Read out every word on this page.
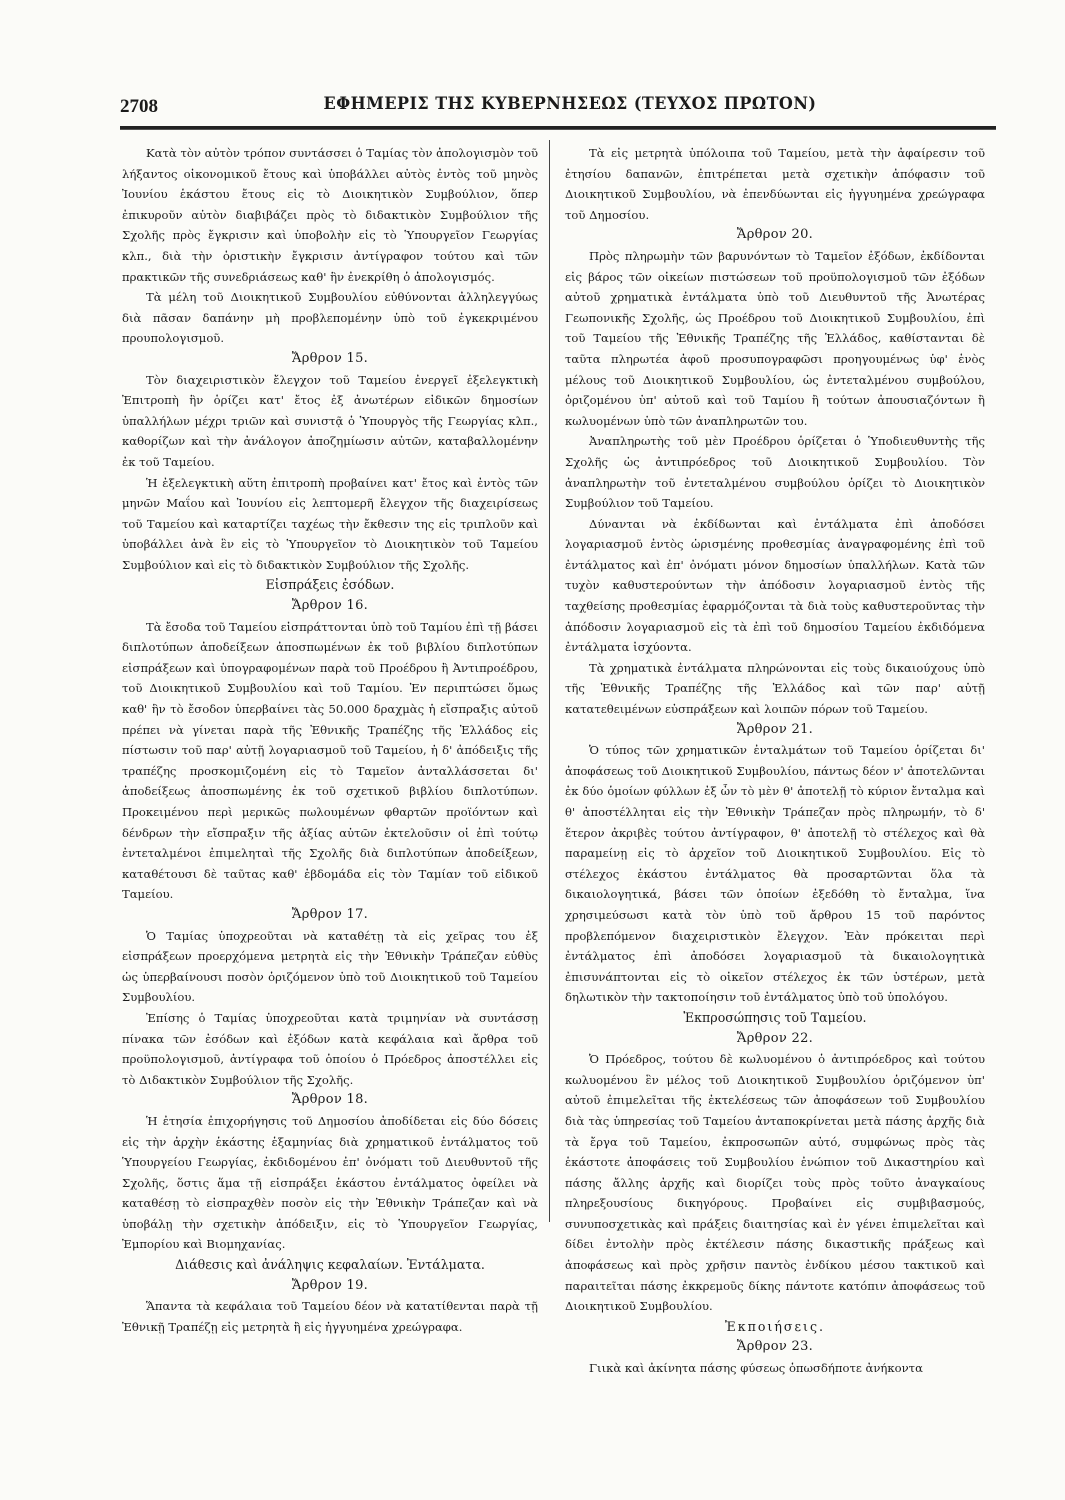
2708	ΕΦΗΜΕΡΙΣ ΤΗΣ ΚΥΒΕΡΝΗΣΕΩΣ (ΤΕΥΧΟΣ ΠΡΩΤΟΝ)

Κατὰ τὸν αὐτὸν τρόπον συντάσσει ὁ Ταμίας τὸν ἀπολογισμὸν τοῦ λήξαντος οἰκονομικοῦ ἔτους καὶ ὑποβάλλει αὐτὸς ἐντὸς τοῦ μηνὸς Ἰουνίου ἑκάστου ἔτους εἰς τὸ Διοικητικὸν Συμβούλιον, ὅπερ ἐπικυροῦν αὐτὸν διαβιβάζει πρὸς τὸ διδακτικὸν Συμβούλιον τῆς Σχολῆς πρὸς ἔγκρισιν καὶ ὑποβολὴν εἰς τὸ Ὑπουργεῖον Γεωργίας κλπ., διὰ τὴν ὁριστικὴν ἔγκρισιν ἀντίγραφον τούτου καὶ τῶν πρακτικῶν τῆς συνεδριάσεως καθ' ἣν ἐνεκρίθη ὁ ἀπολογισμός.

Τὰ μέλη τοῦ Διοικητικοῦ Συμβουλίου εὐθύνονται ἀλληλεγγύως διὰ πᾶσαν δαπάνην μὴ προβλεπομένην ὑπὸ τοῦ ἐγκεκριμένου προυπολογισμοῦ.

Ἄρθρον 15.

Τὸν διαχειριστικὸν ἔλεγχον τοῦ Ταμείου ἐνεργεῖ ἐξελεγκτικὴ Ἐπιτροπὴ ἣν ὁρίζει κατ' ἔτος ἐξ ἀνωτέρων εἰδικῶν δημοσίων ὑπαλλήλων μέχρι τριῶν καὶ συνιστᾷ ὁ Ὑπουργὸς τῆς Γεωργίας κλπ., καθορίζων καὶ τὴν ἀνάλογον ἀποζημίωσιν αὐτῶν, καταβαλλομένην ἐκ τοῦ Ταμείου.

Ἡ ἐξελεγκτικὴ αὕτη ἐπιτροπὴ προβαίνει κατ' ἔτος καὶ ἐντὸς τῶν μηνῶν Μαΐου καὶ Ἰουνίου εἰς λεπτομερῆ ἔλεγχον τῆς διαχειρίσεως τοῦ Ταμείου καὶ καταρτίζει ταχέως τὴν ἔκθεσιν της εἰς τριπλοῦν καὶ ὑποβάλλει ἀνὰ ἓν εἰς τὸ Ὑπουργεῖον τὸ Διοικητικὸν τοῦ Ταμείου Συμβούλιον καὶ εἰς τὸ διδακτικὸν Συμβούλιον τῆς Σχολῆς.

Εἰσπράξεις ἐσόδων.

Ἄρθρον 16.

Τὰ ἔσοδα τοῦ Ταμείου εἰσπράττονται ὑπὸ τοῦ Ταμίου ἐπὶ τῇ βάσει διπλοτύπων ἀποδείξεων ἀποσπωμένων ἐκ τοῦ βιβλίου διπλοτύπων εἰσπράξεων καὶ ὑπογραφομένων παρὰ τοῦ Προέδρου ἢ Ἀντιπροέδρου, τοῦ Διοικητικοῦ Συμβουλίου καὶ τοῦ Ταμίου. Ἐν περιπτώσει ὅμως καθ' ἣν τὸ ἔσοδον ὑπερβαίνει τὰς 50.000 δραχμὰς ἡ εἴσπραξις αὐτοῦ πρέπει νὰ γίνεται παρὰ τῆς Ἐθνικῆς Τραπέζης τῆς Ἑλλάδος εἰς πίστωσιν τοῦ παρ' αὐτῇ λογαριασμοῦ τοῦ Ταμείου, ἡ δ' ἀπόδειξις τῆς τραπέζης προσκομιζομένη εἰς τὸ Ταμεῖον ἀνταλλάσσεται δι' ἀποδείξεως ἀποσπωμένης ἐκ τοῦ σχετικοῦ βιβλίου διπλοτύπων. Προκειμένου περὶ μερικῶς πωλουμένων φθαρτῶν προϊόντων καὶ δένδρων τὴν εἴσπραξιν τῆς ἀξίας αὐτῶν ἐκτελοῦσιν οἱ ἐπὶ τούτῳ ἐντεταλμένοι ἐπιμεληταὶ τῆς Σχολῆς διὰ διπλοτύπων ἀποδείξεων, καταθέτουσι δὲ ταῦτας καθ' ἑβδομάδα εἰς τὸν Ταμίαν τοῦ εἰδικοῦ Ταμείου.

Ἄρθρον 17.

Ὁ Ταμίας ὑποχρεοῦται νὰ καταθέτῃ τὰ εἰς χεῖρας του ἐξ εἰσπράξεων προερχόμενα μετρητὰ εἰς τὴν Ἐθνικὴν Τράπεζαν εὐθὺς ὡς ὑπερβαίνουσι ποσὸν ὁριζόμενον ὑπὸ τοῦ Διοικητικοῦ τοῦ Ταμείου Συμβουλίου.

Ἐπίσης ὁ Ταμίας ὑποχρεοῦται κατὰ τριμηνίαν νὰ συντάσσῃ πίνακα τῶν ἐσόδων καὶ ἐξόδων κατὰ κεφάλαια καὶ ἄρθρα τοῦ προϋπολογισμοῦ, ἀντίγραφα τοῦ ὁποίου ὁ Πρόεδρος ἀποστέλλει εἰς τὸ Διδακτικὸν Συμβούλιον τῆς Σχολῆς.

Ἄρθρον 18.

Ἡ ἐτησία ἐπιχορήγησις τοῦ Δημοσίου ἀποδίδεται εἰς δύο δόσεις εἰς τὴν ἀρχὴν ἑκάστης ἑξαμηνίας διὰ χρηματικοῦ ἐντάλματος τοῦ Ὑπουργείου Γεωργίας, ἐκδιδομένου ἐπ' ὀνόματι τοῦ Διευθυντοῦ τῆς Σχολῆς, ὅστις ἅμα τῇ εἰσπράξει ἑκάστου ἐντάλματος ὀφείλει νὰ καταθέσῃ τὸ εἰσπραχθὲν ποσὸν εἰς τὴν Ἐθνικὴν Τράπεζαν καὶ νὰ ὑποβάλῃ τὴν σχετικὴν ἀπόδειξιν, εἰς τὸ Ὑπουργεῖον Γεωργίας, Ἐμπορίου καὶ Βιομηχανίας.

Διάθεσις καὶ ἀνάληψις κεφαλαίων. Ἐντάλματα.

Ἄρθρον 19.

Ἅπαντα τὰ κεφάλαια τοῦ Ταμείου δέον νὰ κατατίθενται παρὰ τῇ Ἐθνικῇ Τραπέζῃ εἰς μετρητὰ ἢ εἰς ἠγγυημένα χρεώγραφα.

Τὰ εἰς μετρητὰ ὑπόλοιπα τοῦ Ταμείου, μετὰ τὴν ἀφαίρεσιν τοῦ ἐτησίου δαπανῶν, ἐπιτρέπεται μετὰ σχετικὴν ἀπόφασιν τοῦ Διοικητικοῦ Συμβουλίου, νὰ ἐπενδύωνται εἰς ἠγγυημένα χρεώγραφα τοῦ Δημοσίου.

Ἄρθρον 20.

Πρὸς πληρωμὴν τῶν βαρυνόντων τὸ Ταμεῖον ἐξόδων, ἐκδίδονται εἰς βάρος τῶν οἰκείων πιστώσεων τοῦ προϋπολογισμοῦ τῶν ἐξόδων αὐτοῦ χρηματικὰ ἐντάλματα ὑπὸ τοῦ Διευθυντοῦ τῆς Ἀνωτέρας Γεωπονικῆς Σχολῆς, ὡς Προέδρου τοῦ Διοικητικοῦ Συμβουλίου, ἐπὶ τοῦ Ταμείου τῆς Ἐθνικῆς Τραπέζης τῆς Ἑλλάδος, καθίστανται δὲ ταῦτα πληρωτέα ἀφοῦ προσυπογραφῶσι προηγουμένως ὑφ' ἑνὸς μέλους τοῦ Διοικητικοῦ Συμβουλίου, ὡς ἐντεταλμένου συμβούλου, ὁριζομένου ὑπ' αὐτοῦ καὶ τοῦ Ταμίου ἢ τούτων ἀπουσιαζόντων ἢ κωλυομένων ὑπὸ τῶν ἀναπληρωτῶν του.

Ἀναπληρωτὴς τοῦ μὲν Προέδρου ὁρίζεται ὁ Ὑποδιευθυντὴς τῆς Σχολῆς ὡς ἀντιπρόεδρος τοῦ Διοικητικοῦ Συμβουλίου. Τὸν ἀναπληρωτὴν τοῦ ἐντεταλμένου συμβούλου ὁρίζει τὸ Διοικητικὸν Συμβούλιον τοῦ Ταμείου.

Δύνανται νὰ ἐκδίδωνται καὶ ἐντάλματα ἐπὶ ἀποδόσει λογαριασμοῦ ἐντὸς ὡρισμένης προθεσμίας ἀναγραφομένης ἐπὶ τοῦ ἐντάλματος καὶ ἐπ' ὀνόματι μόνον δημοσίων ὑπαλλήλων. Κατὰ τῶν τυχὸν καθυστερούντων τὴν ἀπόδοσιν λογαριασμοῦ ἐντὸς τῆς ταχθείσης προθεσμίας ἐφαρμόζονται τὰ διὰ τοὺς καθυστεροῦντας τὴν ἀπόδοσιν λογαριασμοῦ εἰς τὰ ἐπὶ τοῦ δημοσίου Ταμείου ἐκδιδόμενα ἐντάλματα ἰσχύοντα.

Τὰ χρηματικὰ ἐντάλματα πληρώνονται εἰς τοὺς δικαιούχους ὑπὸ τῆς Ἐθνικῆς Τραπέζης τῆς Ἑλλάδος καὶ τῶν παρ' αὐτῇ κατατεθειμένων εὐσπράξεων καὶ λοιπῶν πόρων τοῦ Ταμείου.

Ἄρθρον 21.

Ὁ τύπος τῶν χρηματικῶν ἐνταλμάτων τοῦ Ταμείου ὁρίζεται δι' ἀποφάσεως τοῦ Διοικητικοῦ Συμβουλίου, πάντως δέον ν' ἀποτελῶνται ἐκ δύο ὁμοίων φύλλων ἐξ ὧν τὸ μὲν θ' ἀποτελῇ τὸ κύριον ἔνταλμα καὶ θ' ἀποστέλληται εἰς τὴν Ἐθνικὴν Τράπεζαν πρὸς πληρωμήν, τὸ δ' ἕτερον ἀκριβὲς τούτου ἀντίγραφον, θ' ἀποτελῇ τὸ στέλεχος καὶ θὰ παραμείνῃ εἰς τὸ ἀρχεῖον τοῦ Διοικητικοῦ Συμβουλίου. Εἰς τὸ στέλεχος ἑκάστου ἐντάλματος θὰ προσαρτῶνται ὅλα τὰ δικαιολογητικά, βάσει τῶν ὁποίων ἐξεδόθη τὸ ἔνταλμα, ἵνα χρησιμεύσωσι κατὰ τὸν ὑπὸ τοῦ ἄρθρου 15 τοῦ παρόντος προβλεπόμενον διαχειριστικὸν ἔλεγχον. Ἐὰν πρόκειται περὶ ἐντάλματος ἐπὶ ἀποδόσει λογαριασμοῦ τὰ δικαιολογητικὰ ἐπισυνάπτονται εἰς τὸ οἰκεῖον στέλεχος ἐκ τῶν ὑστέρων, μετὰ δηλωτικὸν τὴν τακτοποίησιν τοῦ ἐντάλματος ὑπὸ τοῦ ὑπολόγου.

Ἐκπροσώπησις τοῦ Ταμείου.

Ἄρθρον 22.

Ὁ Πρόεδρος, τούτου δὲ κωλυομένου ὁ ἀντιπρόεδρος καὶ τούτου κωλυομένου ἓν μέλος τοῦ Διοικητικοῦ Συμβουλίου ὁριζόμενον ὑπ' αὐτοῦ ἐπιμελεῖται τῆς ἐκτελέσεως τῶν ἀποφάσεων τοῦ Συμβουλίου διὰ τὰς ὑπηρεσίας τοῦ Ταμείου ἀνταποκρίνεται μετὰ πάσης ἀρχῆς διὰ τὰ ἔργα τοῦ Ταμείου, ἐκπροσωπῶν αὐτό, συμφώνως πρὸς τὰς ἑκάστοτε ἀποφάσεις τοῦ Συμβουλίου ἐνώπιον τοῦ Δικαστηρίου καὶ πάσης ἄλλης ἀρχῆς καὶ διορίζει τοὺς πρὸς τοῦτο ἀναγκαίους πληρεξουσίους δικηγόρους. Προβαίνει εἰς συμβιβασμούς, συνυποσχετικὰς καὶ πράξεις διαιτησίας καὶ ἐν γένει ἐπιμελεῖται καὶ δίδει ἐντολὴν πρὸς ἐκτέλεσιν πάσης δικαστικῆς πράξεως καὶ ἀποφάσεως καὶ πρὸς χρῆσιν παντὸς ἐνδίκου μέσου τακτικοῦ καὶ παραιτεῖται πάσης ἐκκρεμοῦς δίκης πάντοτε κατόπιν ἀποφάσεως τοῦ Διοικητικοῦ Συμβουλίου.

Ἐκποιήσεις.

Ἄρθρον 23.

Γιικὰ καὶ ἀκίνητα πάσης φύσεως ὁπωσδήποτε ἀνήκοντα
